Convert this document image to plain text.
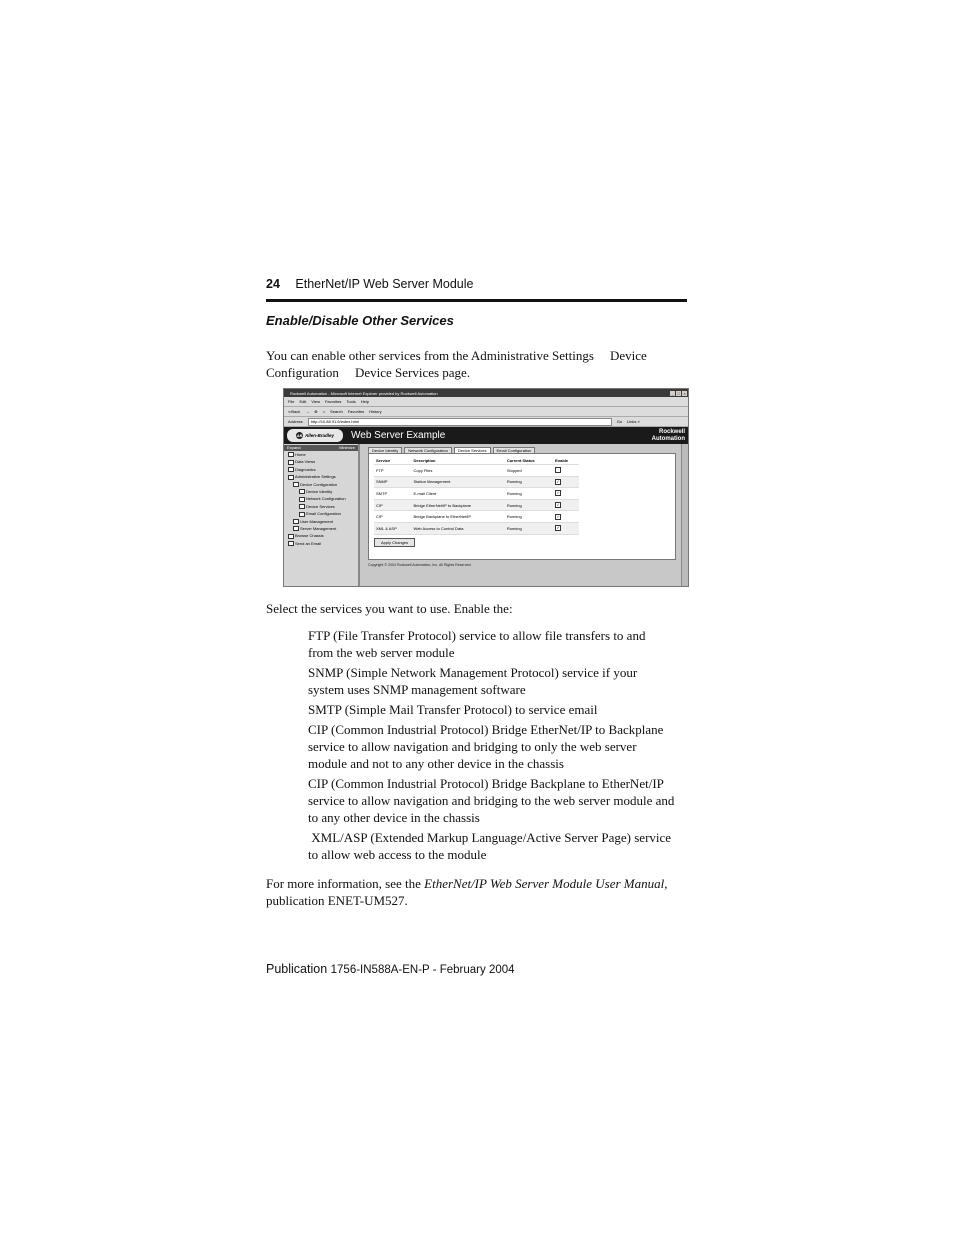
24 EtherNet/IP Web Server Module
Enable/Disable Other Services
You can enable other services from the Administrative Settings Device
Configuration Device Services page.
Rockwell Automation - Microsoft Internet Explorer provided by Rockwell Automation	_ □ ×
File Edit View Favorites Tools Help
⇦Back → ⊗ ⌂ Search Favorites History
Address	http://10.88.91.6/index.html	Go Links »
AB Allen-Bradley Web Server Example	Rockwell
Automation
Expand	Minimize
Home
Data Views
Diagnostics
Administrative Settings
Device Configuration
Device Identity
Network Configuration
Device Services
Email Configuration
User Management
Server Management
Browse Chassis
Send an Email
Device Identity	Network Configuration	Device Services	Email Configuration
Service	Description	Current Status	Enable
FTP	Copy Files	Stopped	
SNMP	Station Management	Running	✓
SMTP	E-mail Client	Running	✓
CIP	Bridge EtherNet/IP to Backplane	Running	✓
CIP	Bridge Backplane to EtherNet/IP	Running	✓
XML & ASP	Web Access to Control Data	Running	✓
Apply Changes
Copyright © 2004 Rockwell Automation, Inc. All Rights Reserved.
Select the services you want to use. Enable the:

FTP (File Transfer Protocol) service to allow file transfers to and
from the web server module

SNMP (Simple Network Management Protocol) service if your
system uses SNMP management software

SMTP (Simple Mail Transfer Protocol) to service email

CIP (Common Industrial Protocol) Bridge EtherNet/IP to Backplane
service to allow navigation and bridging to only the web server
module and not to any other device in the chassis

CIP (Common Industrial Protocol) Bridge Backplane to EtherNet/IP
service to allow navigation and bridging to the web server module and
to any other device in the chassis

XML/ASP (Extended Markup Language/Active Server Page) service
to allow web access to the module

For more information, see the EtherNet/IP Web Server Module User Manual,
publication ENET-UM527.
Publication 1756-IN588A-EN-P - February 2004
